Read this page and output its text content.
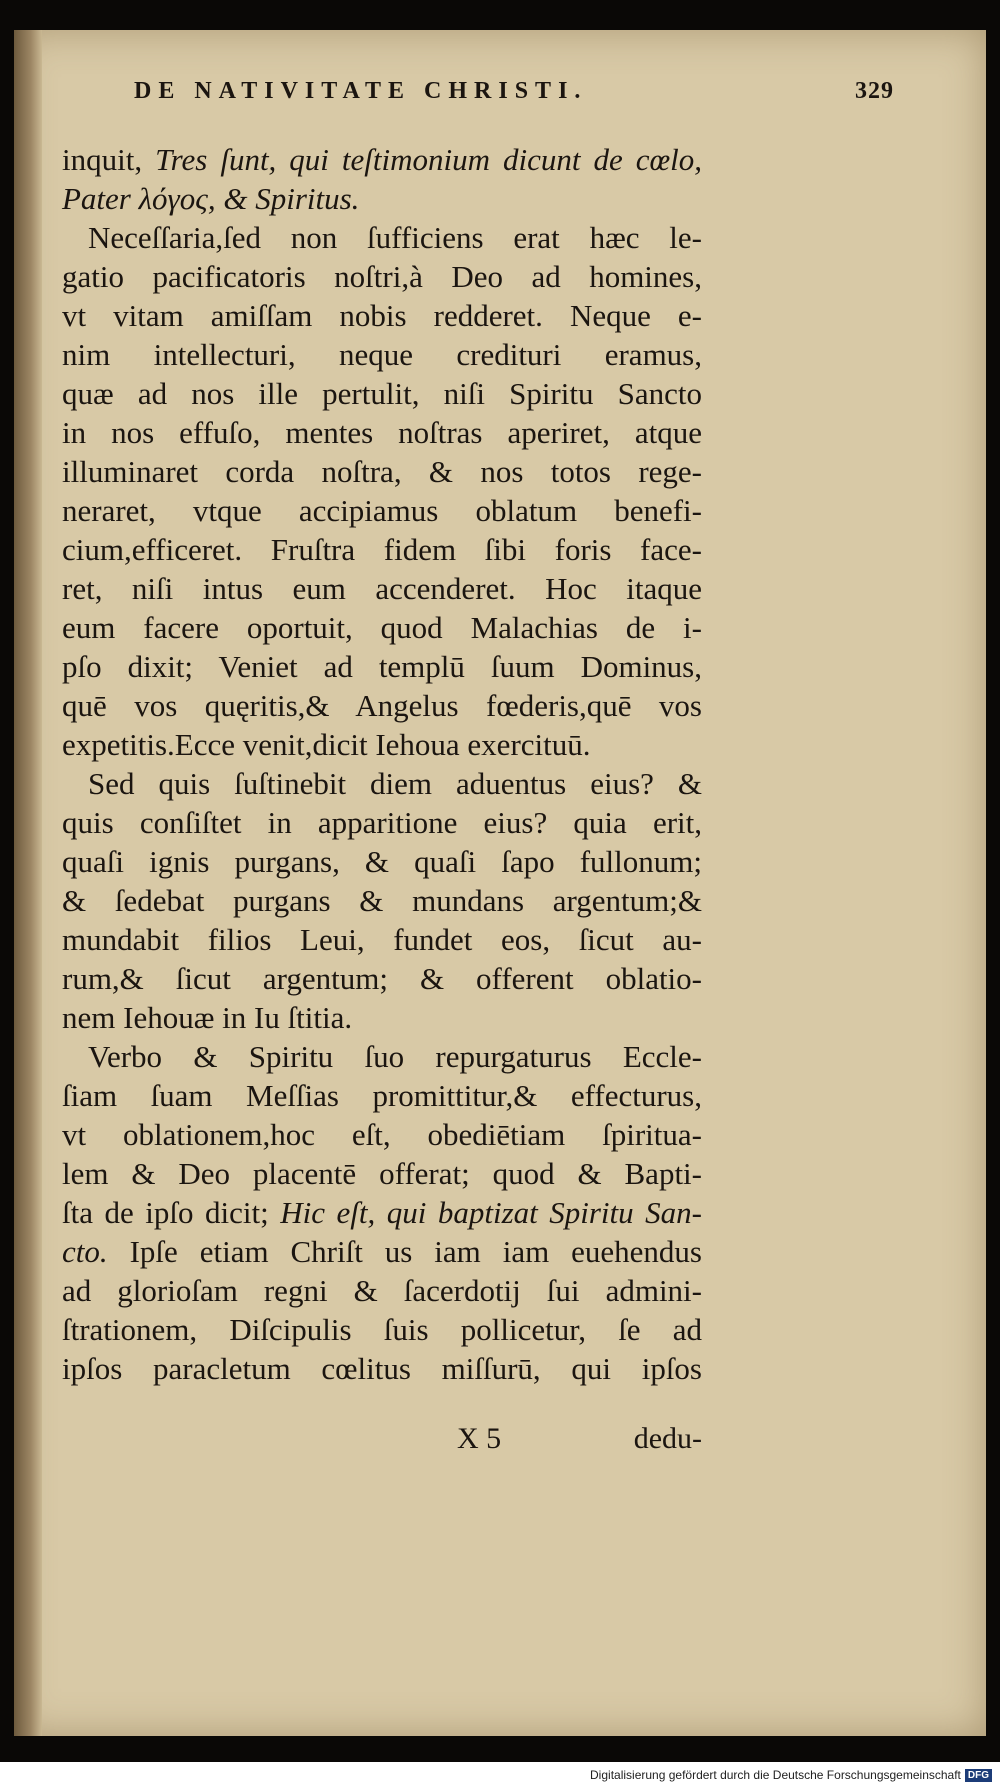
DE NATIVITATE CHRISTI.	329
inquit, Tres ſunt, qui teſtimonium dicunt de cœlo,
Pater λόγος, & Spiritus.
Neceſſaria,ſed non ſufficiens erat hæc le-
gatio pacificatoris noſtri,à Deo ad homines,
vt vitam amiſſam nobis redderet. Neque e-
nim intellecturi, neque credituri eramus,
quæ ad nos ille pertulit, niſi Spiritu Sancto
in nos effuſo, mentes noſtras aperiret, atque
illuminaret corda noſtra, & nos totos rege-
neraret, vtque accipiamus oblatum benefi-
cium,efficeret. Fruſtra fidem ſibi foris face-
ret, niſi intus eum accenderet. Hoc itaque
eum facere oportuit, quod Malachias de i-
pſo dixit; Veniet ad templū ſuum Dominus,
quē vos quęritis,& Angelus fœderis,quē vos
expetitis.Ecce venit,dicit Iehoua exercituū.
Sed quis ſuſtinebit diem aduentus eius? &
quis conſiſtet in apparitione eius? quia erit,
quaſi ignis purgans, & quaſi ſapo fullonum;
& ſedebat purgans & mundans argentum;&
mundabit filios Leui, fundet eos, ſicut au-
rum,& ſicut argentum; & offerent oblatio-
nem Iehouæ in Iu ſtitia.
Verbo & Spiritu ſuo repurgaturus Eccle-
ſiam ſuam Meſſias promittitur,& effecturus,
vt oblationem,hoc eſt, obediētiam ſpiritua-
lem & Deo placentē offerat; quod & Bapti-
ſta de ipſo dicit; Hic eſt, qui baptizat Spiritu San-
cto. Ipſe etiam Chriſt us iam iam euehendus
ad glorioſam regni & ſacerdotij ſui admini-
ſtrationem, Diſcipulis ſuis pollicetur, ſe ad
ipſos paracletum cœlitus miſſurū, qui ipſos
X 5	dedu-
Digitalisierung gefördert durch die Deutsche Forschungsgemeinschaft DFG
